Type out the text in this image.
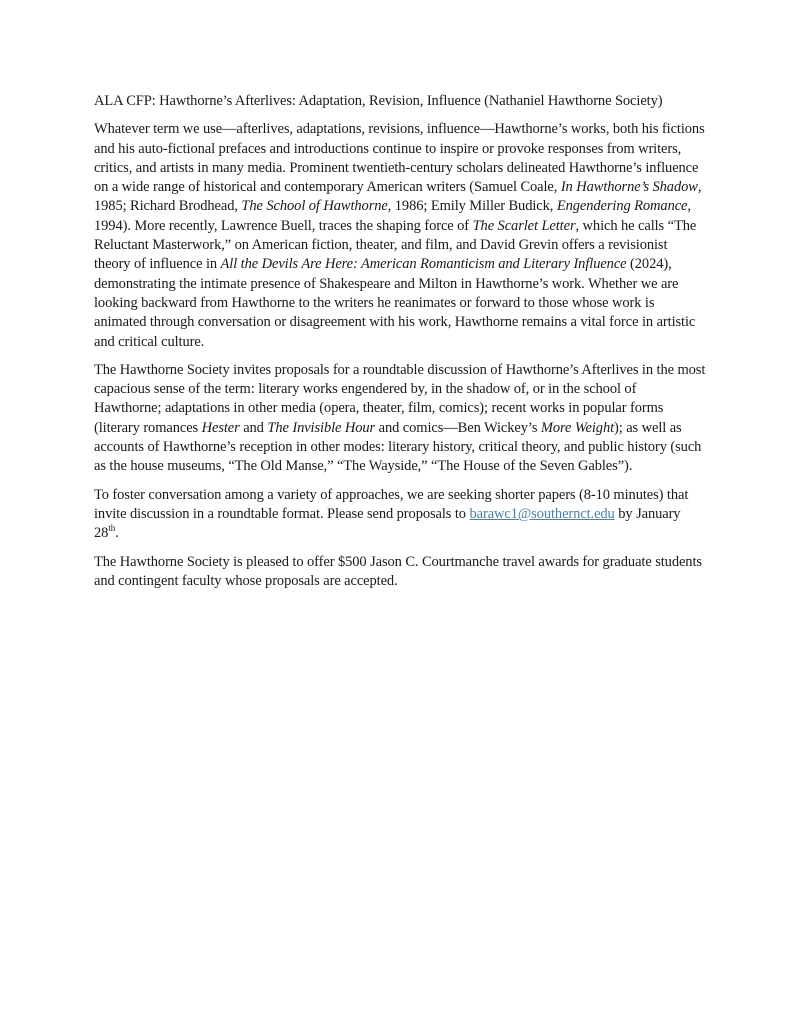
ALA CFP: Hawthorne’s Afterlives: Adaptation, Revision, Influence (Nathaniel Hawthorne Society)

Whatever term we use—afterlives, adaptations, revisions, influence—Hawthorne’s works, both his fictions and his auto-fictional prefaces and introductions continue to inspire or provoke responses from writers, critics, and artists in many media. Prominent twentieth-century scholars delineated Hawthorne’s influence on a wide range of historical and contemporary American writers (Samuel Coale, In Hawthorne’s Shadow, 1985; Richard Brodhead, The School of Hawthorne, 1986; Emily Miller Budick, Engendering Romance, 1994). More recently, Lawrence Buell, traces the shaping force of The Scarlet Letter, which he calls “The Reluctant Masterwork,” on American fiction, theater, and film, and David Grevin offers a revisionist theory of influence in All the Devils Are Here: American Romanticism and Literary Influence (2024), demonstrating the intimate presence of Shakespeare and Milton in Hawthorne’s work. Whether we are looking backward from Hawthorne to the writers he reanimates or forward to those whose work is animated through conversation or disagreement with his work, Hawthorne remains a vital force in artistic and critical culture.

The Hawthorne Society invites proposals for a roundtable discussion of Hawthorne’s Afterlives in the most capacious sense of the term: literary works engendered by, in the shadow of, or in the school of Hawthorne; adaptations in other media (opera, theater, film, comics); recent works in popular forms (literary romances Hester and The Invisible Hour and comics—Ben Wickey’s More Weight); as well as accounts of Hawthorne’s reception in other modes: literary history, critical theory, and public history (such as the house museums, “The Old Manse,” “The Wayside,” “The House of the Seven Gables”).

To foster conversation among a variety of approaches, we are seeking shorter papers (8-10 minutes) that invite discussion in a roundtable format. Please send proposals to barawc1@southernct.edu by January 28th.

The Hawthorne Society is pleased to offer $500 Jason C. Courtmanche travel awards for graduate students and contingent faculty whose proposals are accepted.
